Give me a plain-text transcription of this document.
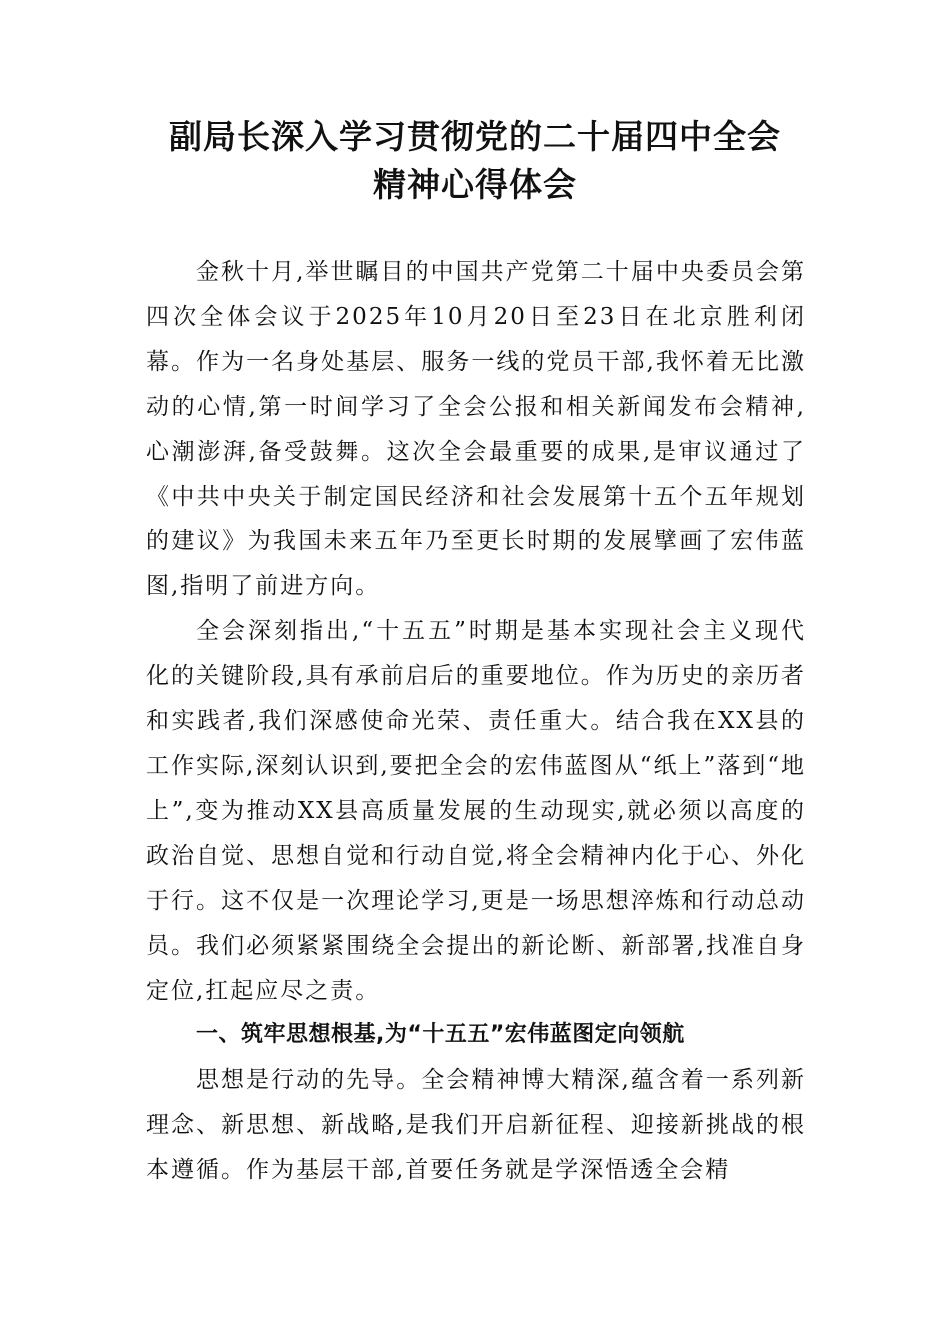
副局长深入学习贯彻党的二十届四中全会
精神心得体会

金秋十月,举世瞩目的中国共产党第二十届中央委员会第四次全体会议于2025年10月20日至23日在北京胜利闭幕。作为一名身处基层、服务一线的党员干部,我怀着无比激动的心情,第一时间学习了全会公报和相关新闻发布会精神,心潮澎湃,备受鼓舞。这次全会最重要的成果,是审议通过了《中共中央关于制定国民经济和社会发展第十五个五年规划的建议》为我国未来五年乃至更长时期的发展擘画了宏伟蓝图,指明了前进方向。

全会深刻指出,“十五五”时期是基本实现社会主义现代化的关键阶段,具有承前启后的重要地位。作为历史的亲历者和实践者,我们深感使命光荣、责任重大。结合我在XX县的工作实际,深刻认识到,要把全会的宏伟蓝图从“纸上”落到“地上”,变为推动XX县高质量发展的生动现实,就必须以高度的政治自觉、思想自觉和行动自觉,将全会精神内化于心、外化于行。这不仅是一次理论学习,更是一场思想淬炼和行动总动员。我们必须紧紧围绕全会提出的新论断、新部署,找准自身定位,扛起应尽之责。

一、筑牢思想根基,为“十五五”宏伟蓝图定向领航

思想是行动的先导。全会精神博大精深,蕴含着一系列新理念、新思想、新战略,是我们开启新征程、迎接新挑战的根本遵循。作为基层干部,首要任务就是学深悟透全会精
